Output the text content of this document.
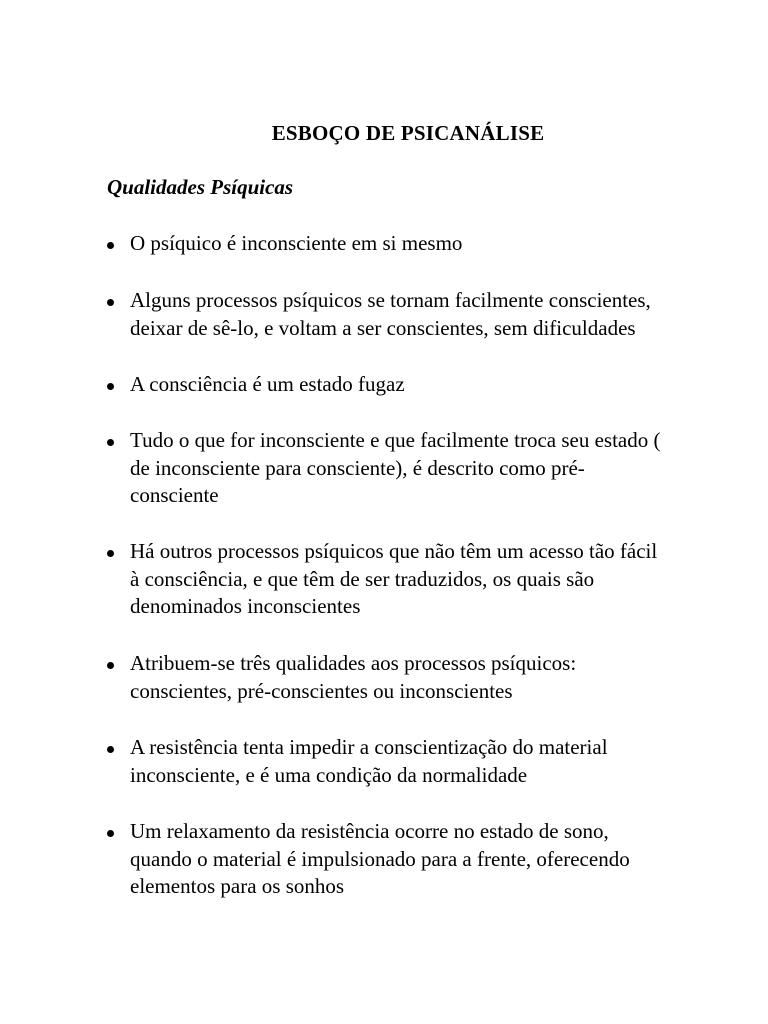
ESBOÇO DE PSICANÁLISE
Qualidades Psíquicas
O psíquico é inconsciente em si mesmo
Alguns processos psíquicos se tornam facilmente conscientes,
deixar de sê-lo, e voltam a ser conscientes, sem dificuldades
A consciência é um estado fugaz
Tudo o que for inconsciente e que facilmente troca seu estado (
de inconsciente para consciente), é descrito como pré-
consciente
Há outros processos psíquicos que não têm um acesso tão fácil
à consciência, e que têm de ser traduzidos, os quais são
denominados inconscientes
Atribuem-se três qualidades aos processos psíquicos:
conscientes, pré-conscientes ou inconscientes
A resistência tenta impedir a conscientização do material
inconsciente, e é uma condição da normalidade
Um relaxamento da resistência ocorre no estado de sono,
quando o material é impulsionado para a frente, oferecendo
elementos para os sonhos
